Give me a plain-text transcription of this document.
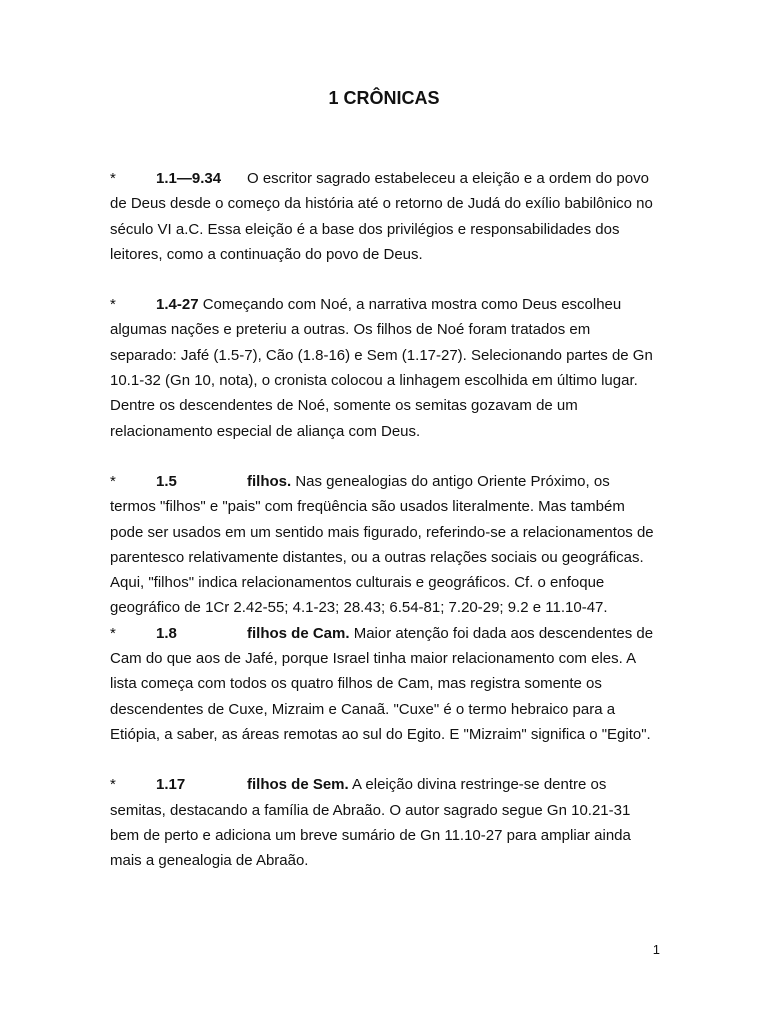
1 CRÔNICAS

*	1.1—9.34 O escritor sagrado estabeleceu a eleição e a ordem do povo de Deus desde o começo da história até o retorno de Judá do exílio babilônico no século VI a.C. Essa eleição é a base dos privilégios e responsabilidades dos leitores, como a continuação do povo de Deus.

*	1.4-27 Começando com Noé, a narrativa mostra como Deus escolheu algumas nações e preteriu a outras. Os filhos de Noé foram tratados em separado: Jafé (1.5-7), Cão (1.8-16) e Sem (1.17-27). Selecionando partes de Gn 10.1-32 (Gn 10, nota), o cronista colocou a linhagem escolhida em último lugar. Dentre os descendentes de Noé, somente os semitas gozavam de um relacionamento especial de aliança com Deus.

*	1.5	filhos. Nas genealogias do antigo Oriente Próximo, os termos "filhos" e "pais" com freqüência são usados literalmente. Mas também pode ser usados em um sentido mais figurado, referindo-se a relacionamentos de parentesco relativamente distantes, ou a outras relações sociais ou geográficas. Aqui, "filhos" indica relacionamentos culturais e geográficos. Cf. o enfoque geográfico de 1Cr 2.42-55; 4.1-23; 28.43; 6.54-81; 7.20-29; 9.2 e 11.10-47.

*	1.8	filhos de Cam. Maior atenção foi dada aos descendentes de Cam do que aos de Jafé, porque Israel tinha maior relacionamento com eles. A lista começa com todos os quatro filhos de Cam, mas registra somente os descendentes de Cuxe, Mizraim e Canaã. "Cuxe" é o termo hebraico para a Etiópia, a saber, as áreas remotas ao sul do Egito. E "Mizraim" significa o "Egito".

*	1.17	filhos de Sem. A eleição divina restringe-se dentre os semitas, destacando a família de Abraão. O autor sagrado segue Gn 10.21-31 bem de perto e adiciona um breve sumário de Gn 11.10-27 para ampliar ainda mais a genealogia de Abraão.

1
